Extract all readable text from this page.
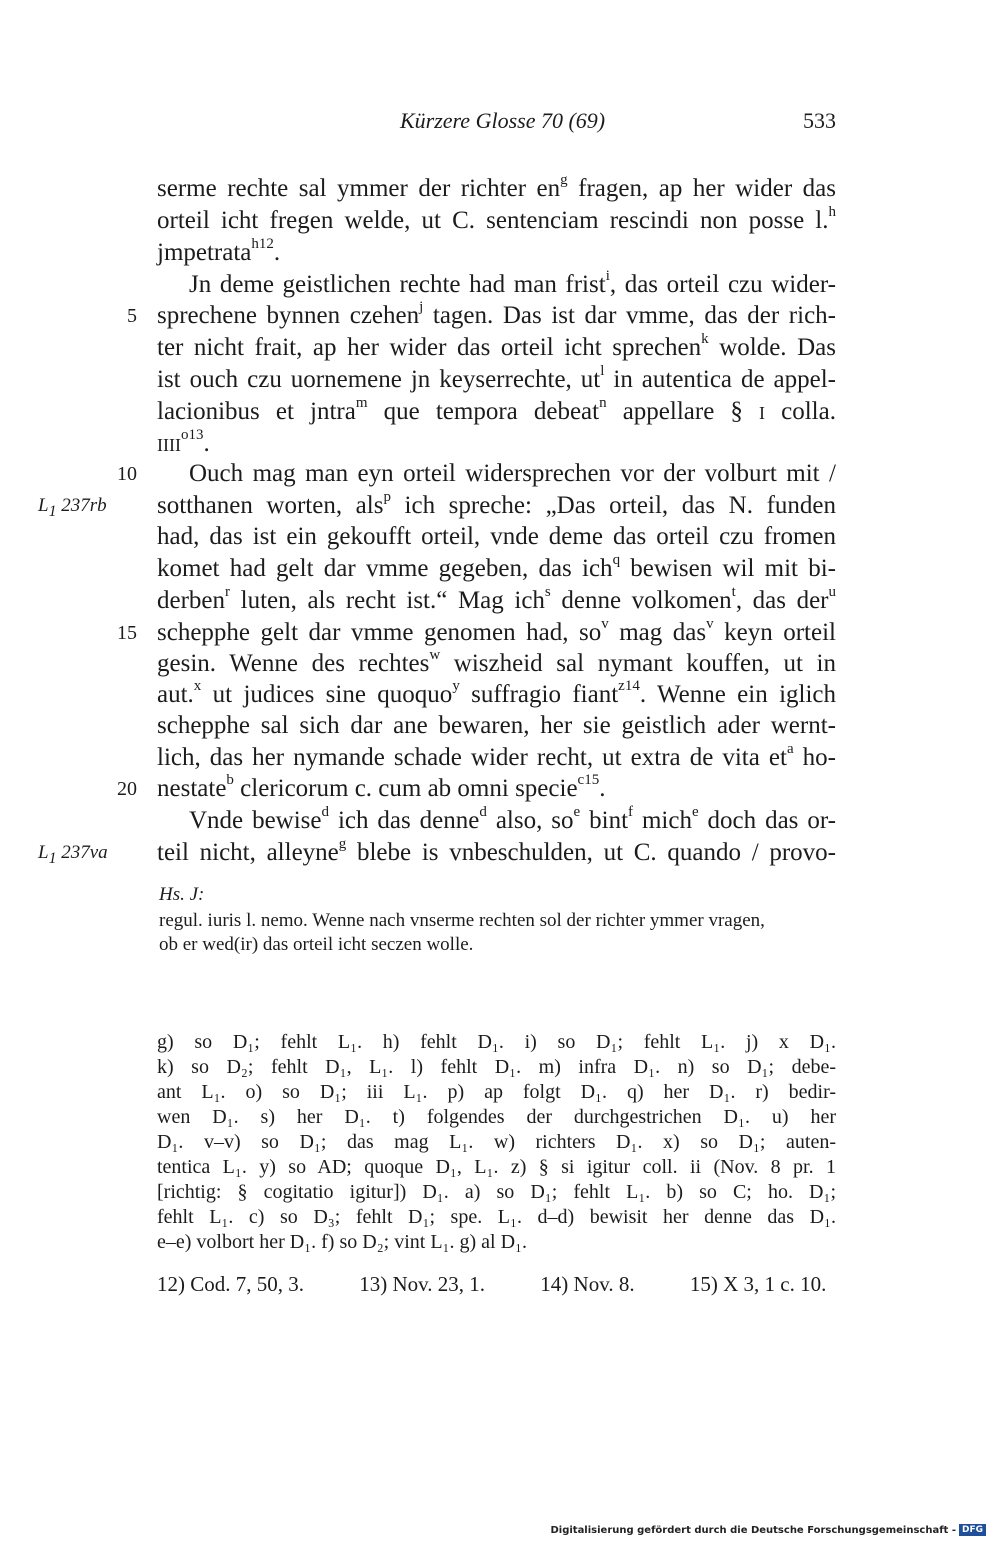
Kürzere Glosse 70 (69)	533
serme rechte sal ymmer der richter $en^g$ fragen, ap her wider das
orteil icht fregen welde, ut C. sentenciam rescindi non posse l.$^h$
jmpetrata$^{h12}$.
Jn deme geistlichen rechte had man frist$^i$, das orteil czu wider-
sprechene bynnen czehen$^j$ tagen. Das ist dar vmme, das der rich-
ter nicht frait, ap her wider das orteil icht sprechen$^k$ wolde. Das
ist ouch czu uornemene jn keyserrechte, $ut^l$ in autentica de appel-
lacionibus et jntra$^m$ que tempora debeat$^n$ appellare § i colla.
iiii$^{o13}$.
Ouch mag man eyn orteil widersprechen vor der volburt mit /
sotthanen worten, als$^p$ ich spreche: „Das orteil, das N. funden
had, das ist ein gekoufft orteil, vnde deme das orteil czu fromen
komet had gelt dar vmme gegeben, das ich$^q$ bewisen wil mit bi-
derben$^r$ luten, als recht ist.“ Mag ich$^s$ denne volkomen$^t$, das der$^u$
schepphe gelt dar vmme genomen had, $so^v$ mag das$^v$ keyn orteil
gesin. Wenne des rechtes$^w$ wiszheid sal nymant kouffen, ut in
aut.$^x$ ut judices sine quoquo$^y$ suffragio fiant$^{z14}$. Wenne ein iglich
schepphe sal sich dar ane bewaren, her sie geistlich ader wernt-
lich, das her nymande schade wider recht, ut extra de vita $et^a$ ho-
nestate$^b$ clericorum c. cum ab omni specie$^{c15}$.
Vnde bewise$^d$ ich das denne$^d$ also, $so^e$ bint$^f$ mich$^e$ doch das or-
teil nicht, alleyne$^g$ blebe is vnbeschulden, ut C. quando / provo-
5
10
15
20
$L_1$ 237rb
$L_1$ 237va
Hs. J:
regul. iuris l. nemo. Wenne nach vnserme rechten sol der richter ymmer vragen,
ob er wed(ir) das orteil icht seczen wolle.
g) so D₁; fehlt L₁. h) fehlt D₁. i) so D₁; fehlt L₁. j) x D₁.
k) so D₂; fehlt D₁, L₁. l) fehlt D₁. m) infra D₁. n) so D₁; debe-
ant L₁. o) so D₁; iii L₁. p) ap folgt D₁. q) her D₁. r) bedir-
wen D₁. s) her D₁. t) folgendes der durchgestrichen D₁. u) her
D₁. v–v) so D₁; das mag L₁. w) richters D₁. x) so D₁; auten-
tentica L₁. y) so AD; quoque D₁, L₁. z) § si igitur coll. ii (Nov. 8 pr. 1
[richtig: § cogitatio igitur]) D₁. a) so D₁; fehlt L₁. b) so C; ho. D₁;
fehlt L₁. c) so D₃; fehlt D₁; spe. L₁. d–d) bewisit her denne das D₁.
e–e) volbort her D₁. f) so D₂; vint L₁. g) al D₁.
12) Cod. 7, 50, 3.	13) Nov. 23, 1.	14) Nov. 8.	15) X 3, 1 c. 10.
Digitalisierung gefördert durch die Deutsche Forschungsgemeinschaft - DFG
